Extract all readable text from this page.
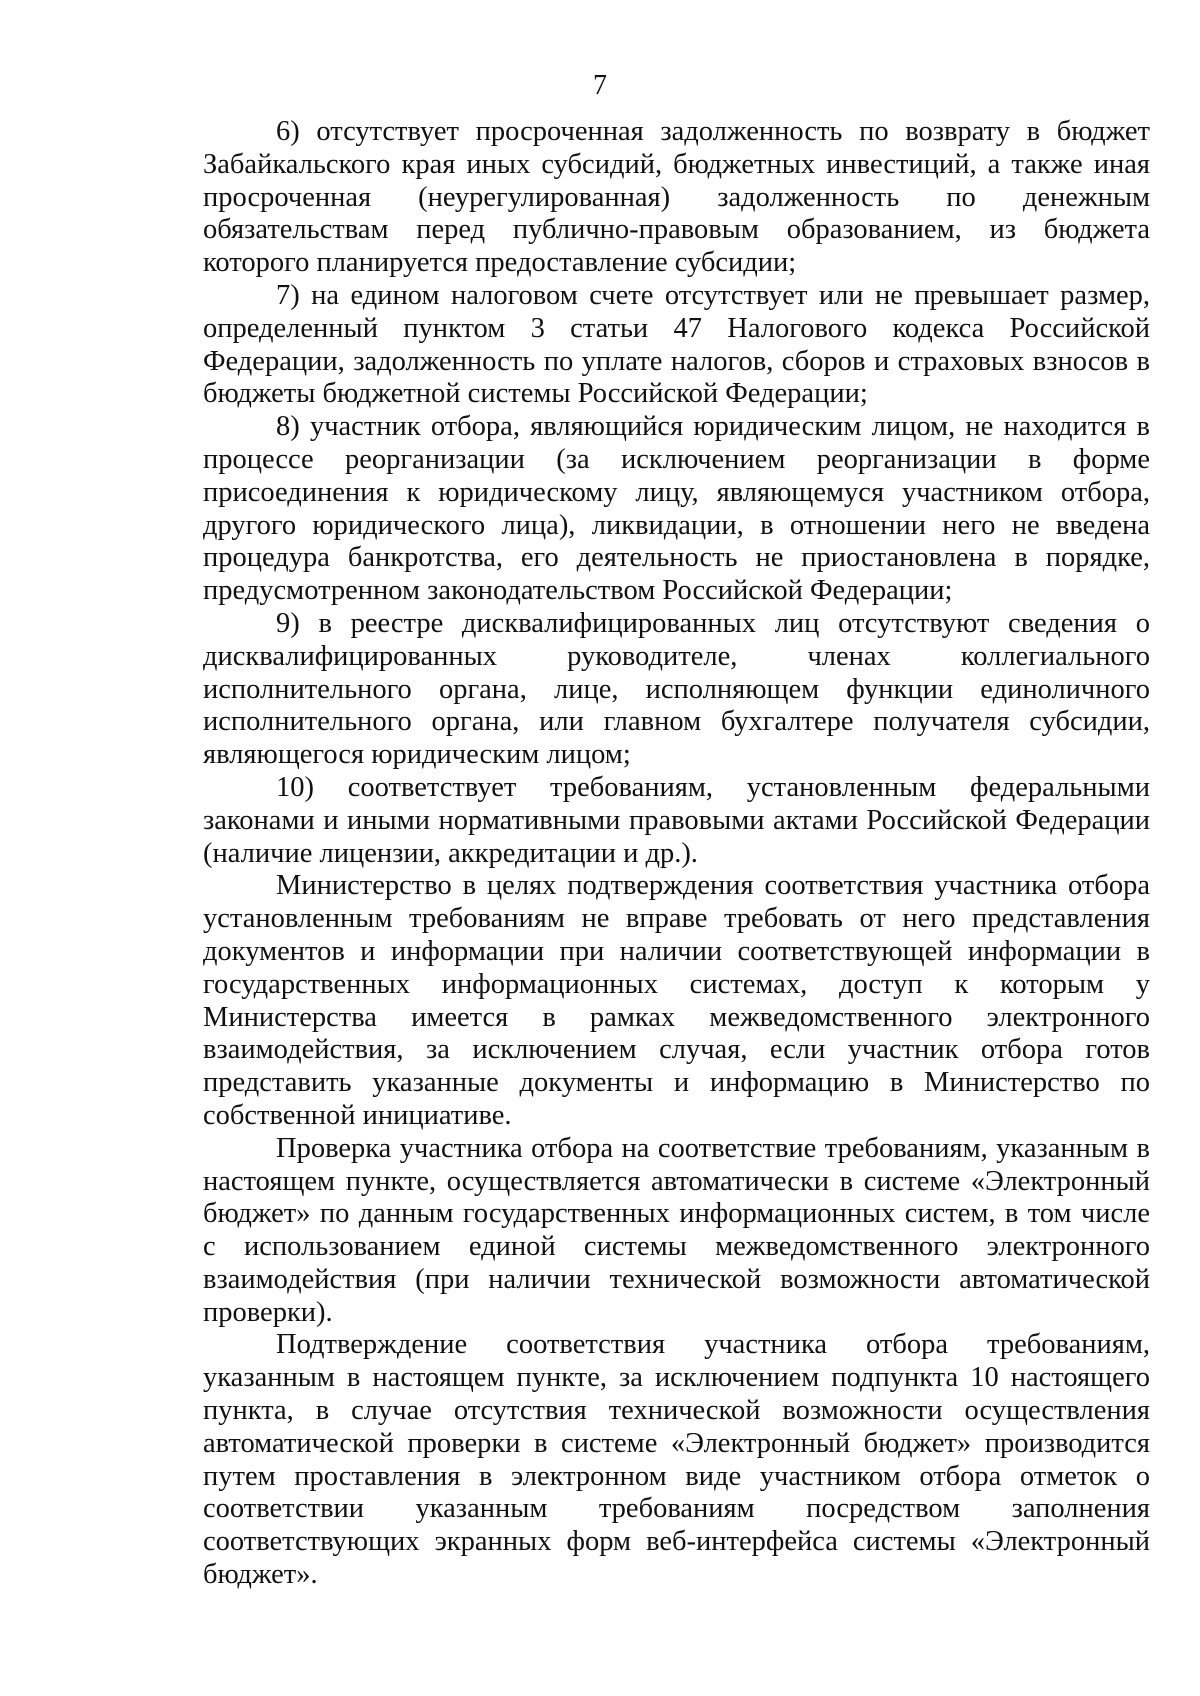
7

6) отсутствует просроченная задолженность по возврату в бюджет Забайкальского края иных субсидий, бюджетных инвестиций, а также иная просроченная (неурегулированная) задолженность по денежным обязательствам перед публично-правовым образованием, из бюджета которого планируется предоставление субсидии;

7) на едином налоговом счете отсутствует или не превышает размер, определенный пунктом 3 статьи 47 Налогового кодекса Российской Федерации, задолженность по уплате налогов, сборов и страховых взносов в бюджеты бюджетной системы Российской Федерации;

8) участник отбора, являющийся юридическим лицом, не находится в процессе реорганизации (за исключением реорганизации в форме присоединения к юридическому лицу, являющемуся участником отбора, другого юридического лица), ликвидации, в отношении него не введена процедура банкротства, его деятельность не приостановлена в порядке, предусмотренном законодательством Российской Федерации;

9) в реестре дисквалифицированных лиц отсутствуют сведения о дисквалифицированных руководителе, членах коллегиального исполнительного органа, лице, исполняющем функции единоличного исполнительного органа, или главном бухгалтере получателя субсидии, являющегося юридическим лицом;

10) соответствует требованиям, установленным федеральными законами и иными нормативными правовыми актами Российской Федерации (наличие лицензии, аккредитации и др.).

Министерство в целях подтверждения соответствия участника отбора установленным требованиям не вправе требовать от него представления документов и информации при наличии соответствующей информации в государственных информационных системах, доступ к которым у Министерства имеется в рамках межведомственного электронного взаимодействия, за исключением случая, если участник отбора готов представить указанные документы и информацию в Министерство по собственной инициативе.

Проверка участника отбора на соответствие требованиям, указанным в настоящем пункте, осуществляется автоматически в системе «Электронный бюджет» по данным государственных информационных систем, в том числе с использованием единой системы межведомственного электронного взаимодействия (при наличии технической возможности автоматической проверки).

Подтверждение соответствия участника отбора требованиям, указанным в настоящем пункте, за исключением подпункта 10 настоящего пункта, в случае отсутствия технической возможности осуществления автоматической проверки в системе «Электронный бюджет» производится путем проставления в электронном виде участником отбора отметок о соответствии указанным требованиям посредством заполнения соответствующих экранных форм веб-интерфейса системы «Электронный бюджет».
